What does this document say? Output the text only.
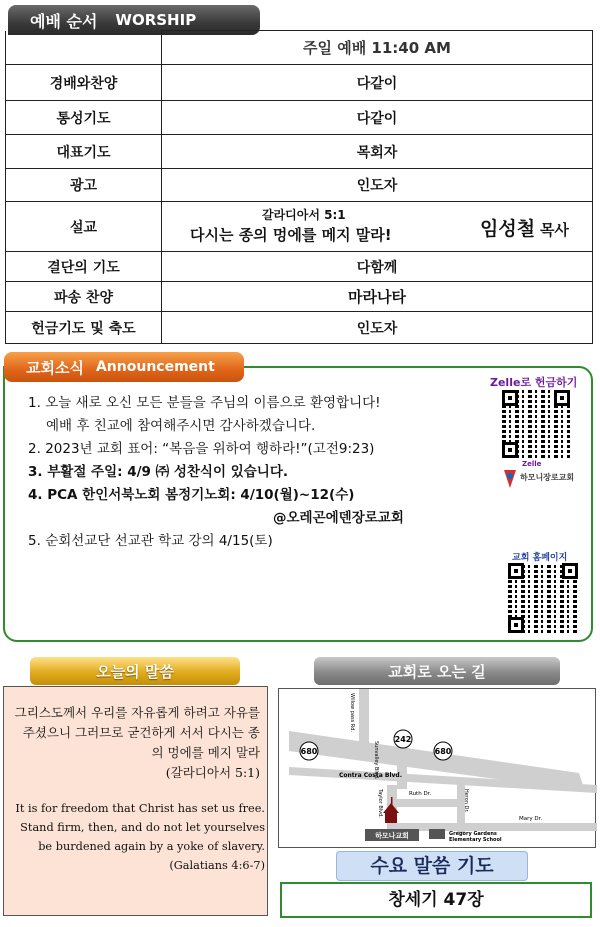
예배 순서 WORSHIP
	주일 예배 11:40 AM
경배와찬양	다같이
통성기도	다같이
대표기도	목회자
광고	인도자
설교	갈라디아서 5:1
다시는 종의 멍에를 메지 말라! 임성철 목사

결단의 기도	다함께
파송 찬양	마라나타
헌금기도 및 축도	인도자
교회소식 Announcement
1. 오늘 새로 오신 모든 분들을 주님의 이름으로 환영합니다!
예배 후 친교에 참여해주시면 감사하겠습니다.
2. 2023년 교회 표어: “복음을 위하여 행하라!”(고전9:23)
3. 부활절 주일: 4/9 ㈜ 성찬식이 있습니다.
4. PCA 한인서북노회 봄정기노회: 4/10(월)~12(수)
@오레곤에덴장로교회
5. 순회선교단 선교관 학교 강의 4/15(토)
Zelle로 헌금하기
Zelle
하모니장로교회
교회 홈페이지
오늘의 말씀
그리스도께서 우리를 자유롭게 하려고 자유를 주셨으니 그러므로 굳건하게 서서 다시는 종의 멍에를 메지 말라
(갈라디아서 5:1)
It is for freedom that Christ has set us free. Stand firm, then, and do not let yourselves be burdened again by a yoke of slavery.
(Galatians 4:6-7)
교회로 오는 길
680
242
680
Willow pass Rd.
Sunvalley Blvd.
Contra Costa Blvd.
Taylor Blvd.	Ruth Dr.	Heron Dr.
Mary Dr.
하모나교회	Gregory Gardens
Elementary School
수요 말씀 기도
창세기 47장
